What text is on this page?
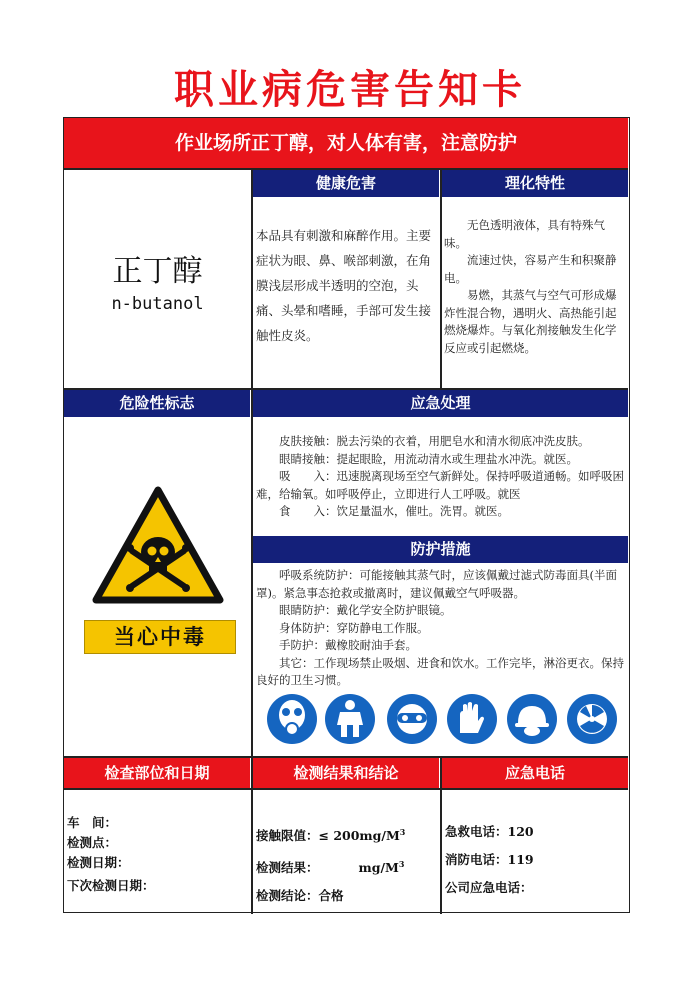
职业病危害告知卡
作业场所正丁醇，对人体有害，注意防护
正丁醇
n-butanol
健康危害
本品具有刺激和麻醉作用。主要症状为眼、鼻、喉部刺激，在角膜浅层形成半透明的空泡，头痛、头晕和嗜睡，手部可发生接触性皮炎。
理化特性

无色透明液体，具有特殊气味。

流速过快，容易产生和积聚静电。

易燃，其蒸气与空气可形成爆炸性混合物，遇明火、高热能引起燃烧爆炸。与氧化剂接触发生化学反应或引起燃烧。

危险性标志
当心中毒
应急处理

皮肤接触：脱去污染的衣着，用肥皂水和清水彻底冲洗皮肤。

眼睛接触：提起眼睑，用流动清水或生理盐水冲洗。就医。

吸　　入：迅速脱离现场至空气新鲜处。保持呼吸道通畅。如呼吸困难，给输氧。如呼吸停止，立即进行人工呼吸。就医

食　　入：饮足量温水，催吐。洗胃。就医。

防护措施

呼吸系统防护：可能接触其蒸气时，应该佩戴过滤式防毒面具(半面罩)。紧急事态抢救或撤离时，建议佩戴空气呼吸器。

眼睛防护：戴化学安全防护眼镜。

身体防护：穿防静电工作服。

手防护：戴橡胶耐油手套。

其它：工作现场禁止吸烟、进食和饮水。工作完毕，淋浴更衣。保持良好的卫生习惯。

检查部位和日期	检测结果和结论	应急电话
车　间：
检测点：
检测日期：
下次检测日期：
接触限值：≤ $200mg/M^3$
检测结果：	$mg/M^3$
检测结论：合格
急救电话：120
消防电话：119
公司应急电话：
